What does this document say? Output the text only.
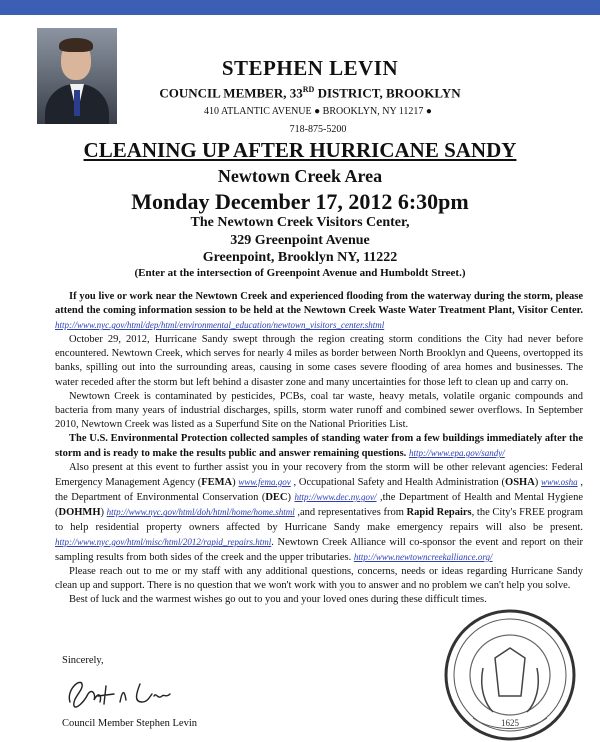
STEPHEN LEVIN
COUNCIL MEMBER, 33RD DISTRICT, BROOKLYN
410 ATLANTIC AVENUE ● BROOKLYN, NY 11217 ●
718-875-5200
CLEANING UP AFTER HURRICANE SANDY
Newtown Creek Area
Monday December 17, 2012 6:30pm
The Newtown Creek Visitors Center,
329 Greenpoint Avenue
Greenpoint, Brooklyn NY, 11222
(Enter at the intersection of Greenpoint Avenue and Humboldt Street.)

If you live or work near the Newtown Creek and experienced flooding from the waterway during the storm, please attend the coming information session to be held at the Newtown Creek Waste Water Treatment Plant, Visitor Center. http://www.nyc.gov/html/dep/html/environmental_education/newtown_visitors_center.shtml

October 29, 2012, Hurricane Sandy swept through the region creating storm conditions the City had never before encountered. Newtown Creek, which serves for nearly 4 miles as border between North Brooklyn and Queens, overtopped its banks, spilling out into the surrounding areas, causing in some cases severe flooding of area homes and businesses. The water receded after the storm but left behind a disaster zone and many uncertainties for those left to clean up and carry on.

Newtown Creek is contaminated by pesticides, PCBs, coal tar waste, heavy metals, volatile organic compounds and bacteria from many years of industrial discharges, spills, storm water runoff and combined sewer overflows. In September 2010, Newtown Creek was listed as a Superfund Site on the National Priorities List.

The U.S. Environmental Protection collected samples of standing water from a few buildings immediately after the storm and is ready to make the results public and answer remaining questions. http://www.epa.gov/sandy/

Also present at this event to further assist you in your recovery from the storm will be other relevant agencies: Federal Emergency Management Agency (FEMA) www.fema.gov , Occupational Safety and Health Administration (OSHA) www.osha , the Department of Environmental Conservation (DEC) http://www.dec.ny.gov/ ,the Department of Health and Mental Hygiene (DOHMH) http://www.nyc.gov/html/doh/html/home/home.shtml ,and representatives from Rapid Repairs, the City's FREE program to help residential property owners affected by Hurricane Sandy make emergency repairs will also be present. http://www.nyc.gov/html/misc/html/2012/rapid_repairs.html. Newtown Creek Alliance will co-sponsor the event and report on their sampling results from both sides of the creek and the upper tributaries. http://www.newtowncreekalliance.org/

Please reach out to me or my staff with any additional questions, concerns, needs or ideas regarding Hurricane Sandy clean up and support. There is no question that we won't work with you to answer and no problem we can't help you solve.

Best of luck and the warmest wishes go out to you and your loved ones during these difficult times.

Sincerely,
Council Member Stephen Levin	1625
